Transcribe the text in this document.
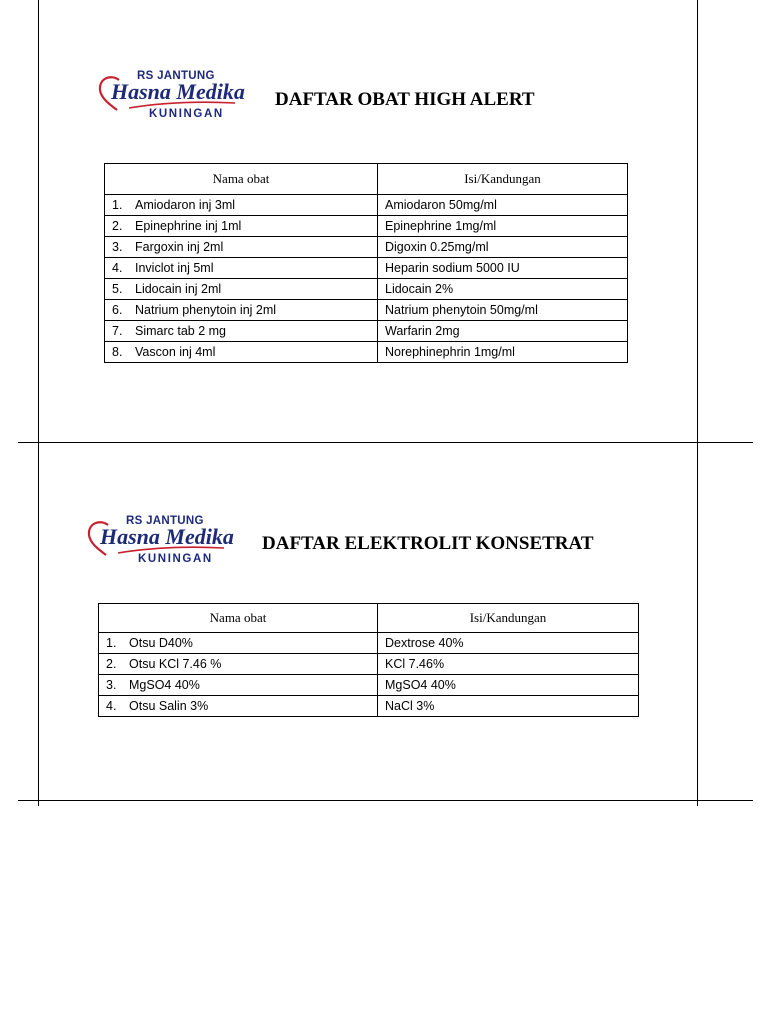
RS JANTUNG
Hasna Medika
KUNINGAN
DAFTAR OBAT HIGH ALERT
Nama obat	Isi/Kandungan
1. Amiodaron inj 3ml	Amiodaron 50mg/ml
2. Epinephrine inj 1ml	Epinephrine 1mg/ml
3. Fargoxin inj 2ml	Digoxin 0.25mg/ml
4. Inviclot inj 5ml	Heparin sodium 5000 IU
5. Lidocain inj 2ml	Lidocain 2%
6. Natrium phenytoin inj 2ml	Natrium phenytoin 50mg/ml
7. Simarc tab 2 mg	Warfarin 2mg
8. Vascon inj 4ml	Norephinephrin 1mg/ml
RS JANTUNG
Hasna Medika
KUNINGAN
DAFTAR ELEKTROLIT KONSETRAT
Nama obat	Isi/Kandungan
1. Otsu D40%	Dextrose 40%
2. Otsu KCl 7.46 %	KCl 7.46%
3. MgSO4 40%	MgSO4 40%
4. Otsu Salin 3%	NaCl 3%
